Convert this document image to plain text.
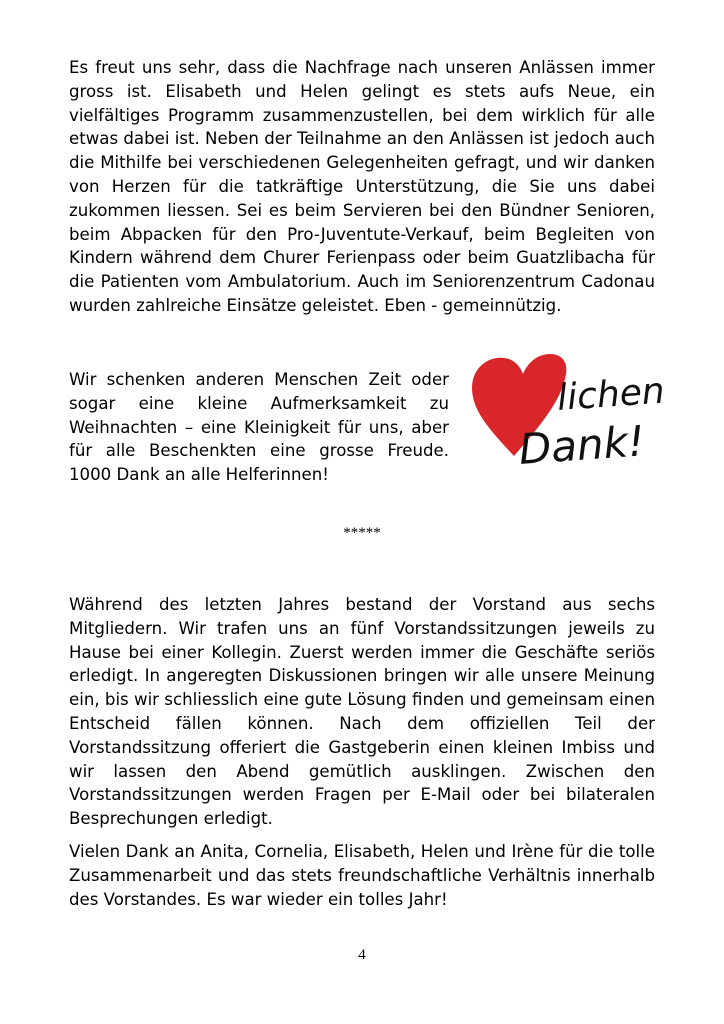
Es freut uns sehr, dass die Nachfrage nach unseren Anlässen immer gross ist. Elisabeth und Helen gelingt es stets aufs Neue, ein vielfältiges Programm zusammenzustellen, bei dem wirklich für alle etwas dabei ist. Neben der Teilnahme an den Anlässen ist jedoch auch die Mithilfe bei verschiedenen Gelegenheiten gefragt, und wir danken von Herzen für die tatkräftige Unterstützung, die Sie uns dabei zukommen liessen. Sei es beim Servieren bei den Bündner Senioren, beim Abpacken für den Pro-Juventute-Verkauf, beim Begleiten von Kindern während dem Churer Ferienpass oder beim Guatzlibacha für die Patienten vom Ambulatorium. Auch im Seniorenzentrum Cadonau wurden zahlreiche Einsätze geleistet. Eben - gemeinnützig.

Wir schenken anderen Menschen Zeit oder sogar eine kleine Aufmerksamkeit zu Weihnachten – eine Kleinigkeit für uns, aber für alle Beschenkten eine grosse Freude. 1000 Dank an alle Helferinnen!

lichen
Dank!

*****

Während des letzten Jahres bestand der Vorstand aus sechs Mitgliedern. Wir trafen uns an fünf Vorstandssitzungen jeweils zu Hause bei einer Kollegin. Zuerst werden immer die Geschäfte seriös erledigt. In angeregten Diskussionen bringen wir alle unsere Meinung ein, bis wir schliesslich eine gute Lösung finden und gemeinsam einen Entscheid fällen können. Nach dem offiziellen Teil der Vorstandssitzung offeriert die Gastgeberin einen kleinen Imbiss und wir lassen den Abend gemütlich ausklingen. Zwischen den Vorstandssitzungen werden Fragen per E-Mail oder bei bilateralen Besprechungen erledigt.

Vielen Dank an Anita, Cornelia, Elisabeth, Helen und Irène für die tolle Zusammenarbeit und das stets freundschaftliche Verhältnis innerhalb des Vorstandes. Es war wieder ein tolles Jahr!

4
